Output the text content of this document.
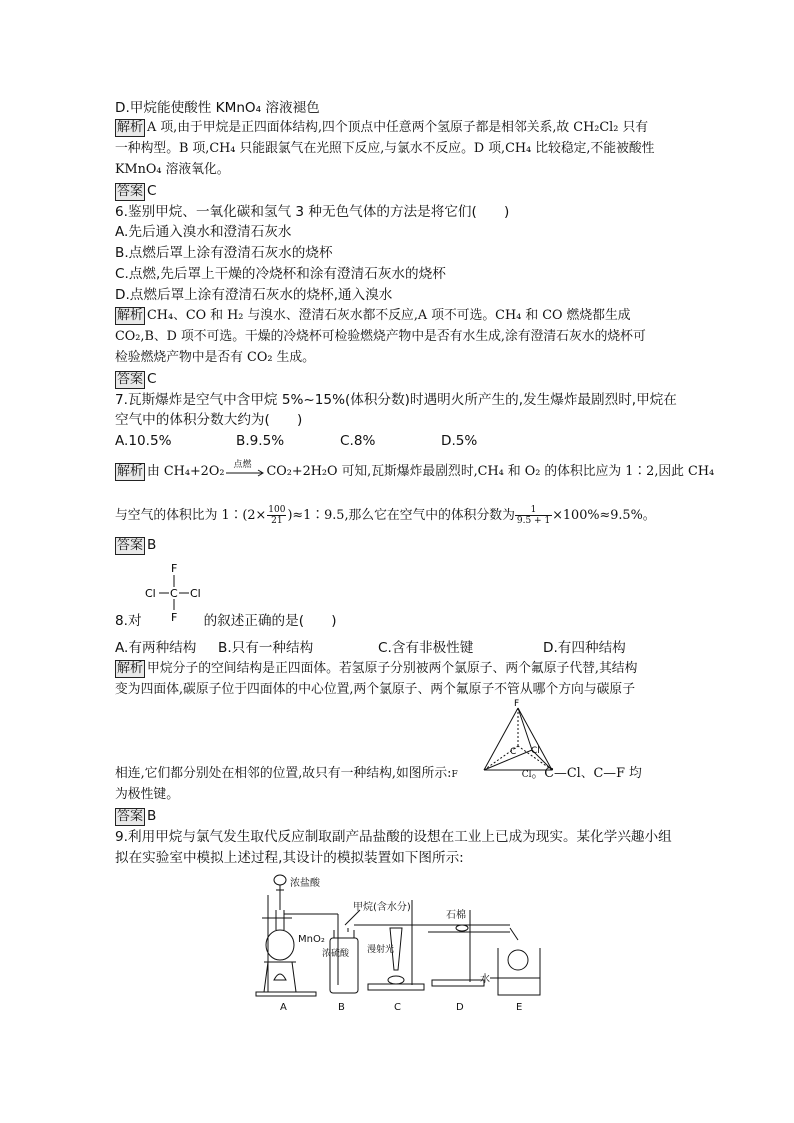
D.甲烷能使酸性 KMnO₄ 溶液褪色
解析 A 项,由于甲烷是正四面体结构,四个顶点中任意两个氢原子都是相邻关系,故 CH₂Cl₂ 只有
一种构型。B 项,CH₄ 只能跟氯气在光照下反应,与氯水不反应。D 项,CH₄ 比较稳定,不能被酸性
KMnO₄ 溶液氧化。
答案 C
6.鉴别甲烷、一氧化碳和氢气 3 种无色气体的方法是将它们(　　)
A.先后通入溴水和澄清石灰水
B.点燃后罩上涂有澄清石灰水的烧杯
C.点燃,先后罩上干燥的冷烧杯和涂有澄清石灰水的烧杯
D.点燃后罩上涂有澄清石灰水的烧杯,通入溴水
解析 CH₄、CO 和 H₂ 与溴水、澄清石灰水都不反应,A 项不可选。CH₄ 和 CO 燃烧都生成
CO₂,B、D 项不可选。干燥的冷烧杯可检验燃烧产物中是否有水生成,涂有澄清石灰水的烧杯可
检验燃烧产物中是否有 CO₂ 生成。
答案 C
7.瓦斯爆炸是空气中含甲烷 5%~15%(体积分数)时遇明火所产生的,发生爆炸最剧烈时,甲烷在
空气中的体积分数大约为(　　)
A.10.5%	B.9.5%	C.8%	D.5%
解析 由 CH₄+2O₂ 点燃 CO₂+2H₂O 可知,瓦斯爆炸最剧烈时,CH₄ 和 O₂ 的体积比应为 1∶2,因此 CH₄
与空气的体积比为 1∶(2× $\frac{100}{21}$ )≈1∶9.5,那么它在空气中的体积分数为 $\frac{1}{9.5 + 1} \times 100\%\approx 9.5\%$。
答案 B
F
Cl C Cl
F
8.对	的叙述正确的是(　　)
A.有两种结构 B.只有一种结构	C.含有非极性键	D.有四种结构
解析 甲烷分子的空间结构是正四面体。若氢原子分别被两个氯原子、两个氟原子代替,其结构
变为四面体,碳原子位于四面体的中心位置,两个氯原子、两个氟原子不管从哪个方向与碳原子
F
C Cl
相连,它们都分别处在相邻的位置,故只有一种结构,如图所示:F	Cl。C—Cl、C—F 均
为极性键。
答案 B
9.利用甲烷与氯气发生取代反应制取副产品盐酸的设想在工业上已成为现实。某化学兴趣小组
拟在实验室中模拟上述过程,其设计的模拟装置如下图所示:
浓盐酸
甲烷(含水分)
MnO₂
浓硫酸 漫射光
石棉
水
A	B	C	D	E
